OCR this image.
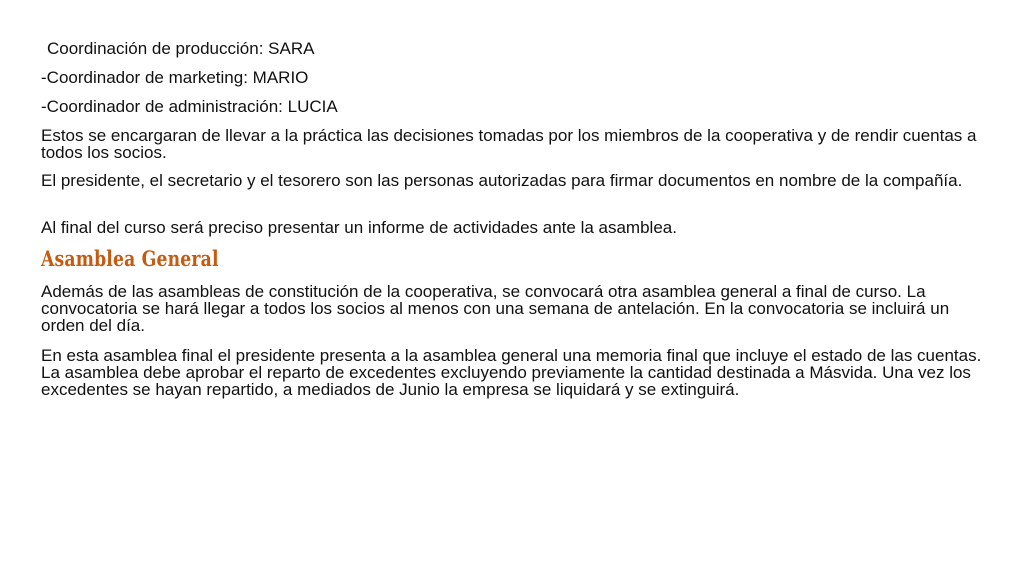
Coordinación de producción: SARA

-Coordinador de marketing: MARIO

-Coordinador de administración: LUCIA

Estos se encargaran de llevar a la práctica las decisiones tomadas por los miembros de la cooperativa y de rendir cuentas a todos los socios.

El presidente, el secretario y el tesorero son las personas autorizadas para firmar documentos en nombre de la compañía.

Al final del curso será preciso presentar un informe de actividades ante la asamblea.

Asamblea General

Además de las asambleas de constitución de la cooperativa, se convocará otra asamblea general a final de curso. La convocatoria se hará llegar a todos los socios al menos con una semana de antelación. En la convocatoria se incluirá un orden del día.

En esta asamblea final el presidente presenta a la asamblea general una memoria final que incluye el estado de las cuentas. La asamblea debe aprobar el reparto de excedentes excluyendo previamente la cantidad destinada a Másvida. Una vez los excedentes se hayan repartido, a mediados de Junio la empresa se liquidará y se extinguirá.
